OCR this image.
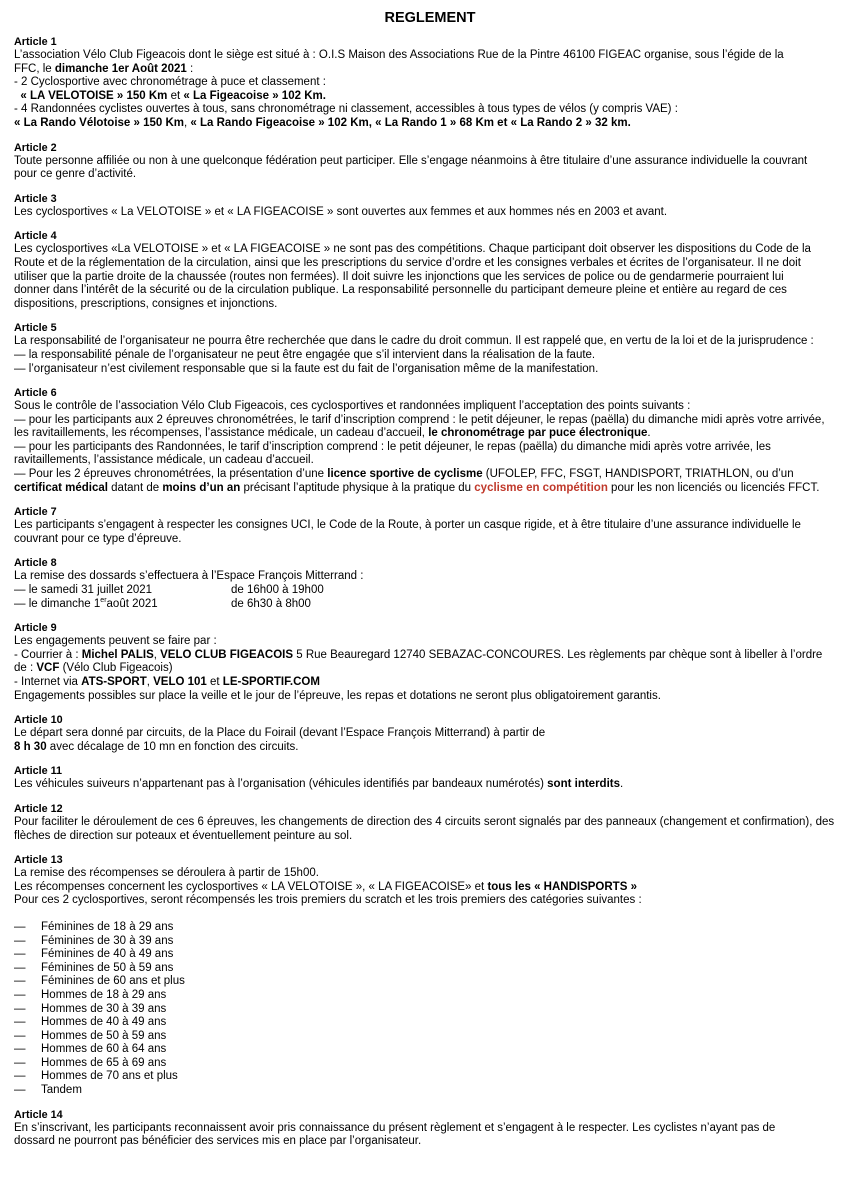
REGLEMENT
Article 1
L’association Vélo Club Figeacois dont le siège est situé à : O.I.S Maison des Associations Rue de la Pintre 46100 FIGEAC organise, sous l’égide de la
FFC, le dimanche 1er Août 2021 :
- 2 Cyclosportive avec chronométrage à puce et classement :
« LA VELOTOISE » 150 Km et « La Figeacoise » 102 Km.
- 4 Randonnées cyclistes ouvertes à tous, sans chronométrage ni classement, accessibles à tous types de vélos (y compris VAE) :
« La Rando Vélotoise » 150 Km, « La Rando Figeacoise » 102 Km, « La Rando 1 » 68 Km et « La Rando 2 » 32 km.
Article 2
Toute personne affiliée ou non à une quelconque fédération peut participer. Elle s’engage néanmoins à être titulaire d’une assurance individuelle la couvrant
pour ce genre d’activité.
Article 3
Les cyclosportives « La VELOTOISE » et « LA FIGEACOISE » sont ouvertes aux femmes et aux hommes nés en 2003 et avant.
Article 4
Les cyclosportives «La VELOTOISE » et « LA FIGEACOISE » ne sont pas des compétitions. Chaque participant doit observer les dispositions du Code de la
Route et de la réglementation de la circulation, ainsi que les prescriptions du service d’ordre et les consignes verbales et écrites de l’organisateur. Il ne doit
utiliser que la partie droite de la chaussée (routes non fermées). Il doit suivre les injonctions que les services de police ou de gendarmerie pourraient lui
donner dans l’intérêt de la sécurité ou de la circulation publique. La responsabilité personnelle du participant demeure pleine et entière au regard de ces
dispositions, prescriptions, consignes et injonctions.
Article 5
La responsabilité de l’organisateur ne pourra être recherchée que dans le cadre du droit commun. Il est rappelé que, en vertu de la loi et de la jurisprudence :
— la responsabilité pénale de l’organisateur ne peut être engagée que s’il intervient dans la réalisation de la faute.
— l’organisateur n’est civilement responsable que si la faute est du fait de l’organisation même de la manifestation.
Article 6
Sous le contrôle de l’association Vélo Club Figeacois, ces cyclosportives et randonnées impliquent l’acceptation des points suivants :
— pour les participants aux 2 épreuves chronométrées, le tarif d’inscription comprend : le petit déjeuner, le repas (paëlla) du dimanche midi après votre arrivée,
les ravitaillements, les récompenses, l’assistance médicale, un cadeau d’accueil, le chronométrage par puce électronique.
— pour les participants des Randonnées, le tarif d’inscription comprend : le petit déjeuner, le repas (paëlla) du dimanche midi après votre arrivée, les
ravitaillements, l’assistance médicale, un cadeau d’accueil.
— Pour les 2 épreuves chronométrées, la présentation d’une licence sportive de cyclisme (UFOLEP, FFC, FSGT, HANDISPORT, TRIATHLON, ou d’un
certificat médical datant de moins d’un an précisant l’aptitude physique à la pratique du cyclisme en compétition pour les non licenciés ou licenciés FFCT.
Article 7
Les participants s’engagent à respecter les consignes UCI, le Code de la Route, à porter un casque rigide, et à être titulaire d’une assurance individuelle le
couvrant pour ce type d’épreuve.
Article 8
La remise des dossards s’effectuera à l’Espace François Mitterrand :
— le samedi 31 juillet 2021	de 16h00 à 19h00
— le dimanche 1eraoût 2021	de 6h30 à 8h00
Article 9
Les engagements peuvent se faire par :
- Courrier à : Michel PALIS, VELO CLUB FIGEACOIS 5 Rue Beauregard 12740 SEBAZAC-CONCOURES. Les règlements par chèque sont à libeller à l’ordre
de : VCF (Vélo Club Figeacois)
- Internet via ATS-SPORT, VELO 101 et LE-SPORTIF.COM
Engagements possibles sur place la veille et le jour de l’épreuve, les repas et dotations ne seront plus obligatoirement garantis.
Article 10
Le départ sera donné par circuits, de la Place du Foirail (devant l’Espace François Mitterrand) à partir de
8 h 30 avec décalage de 10 mn en fonction des circuits.
Article 11
Les véhicules suiveurs n’appartenant pas à l’organisation (véhicules identifiés par bandeaux numérotés) sont interdits.
Article 12
Pour faciliter le déroulement de ces 6 épreuves, les changements de direction des 4 circuits seront signalés par des panneaux (changement et confirmation), des
flèches de direction sur poteaux et éventuellement peinture au sol.
Article 13
La remise des récompenses se déroulera à partir de 15h00.
Les récompenses concernent les cyclosportives « LA VELOTOISE », « LA FIGEACOISE» et tous les « HANDISPORTS »
Pour ces 2 cyclosportives, seront récompensés les trois premiers du scratch et les trois premiers des catégories suivantes :
— Féminines de 18 à 29 ans
— Féminines de 30 à 39 ans
— Féminines de 40 à 49 ans
— Féminines de 50 à 59 ans
— Féminines de 60 ans et plus
— Hommes de 18 à 29 ans
— Hommes de 30 à 39 ans
— Hommes de 40 à 49 ans
— Hommes de 50 à 59 ans
— Hommes de 60 à 64 ans
— Hommes de 65 à 69 ans
— Hommes de 70 ans et plus
— Tandem
Article 14
En s’inscrivant, les participants reconnaissent avoir pris connaissance du présent règlement et s’engagent à le respecter. Les cyclistes n’ayant pas de
dossard ne pourront pas bénéficier des services mis en place par l’organisateur.
